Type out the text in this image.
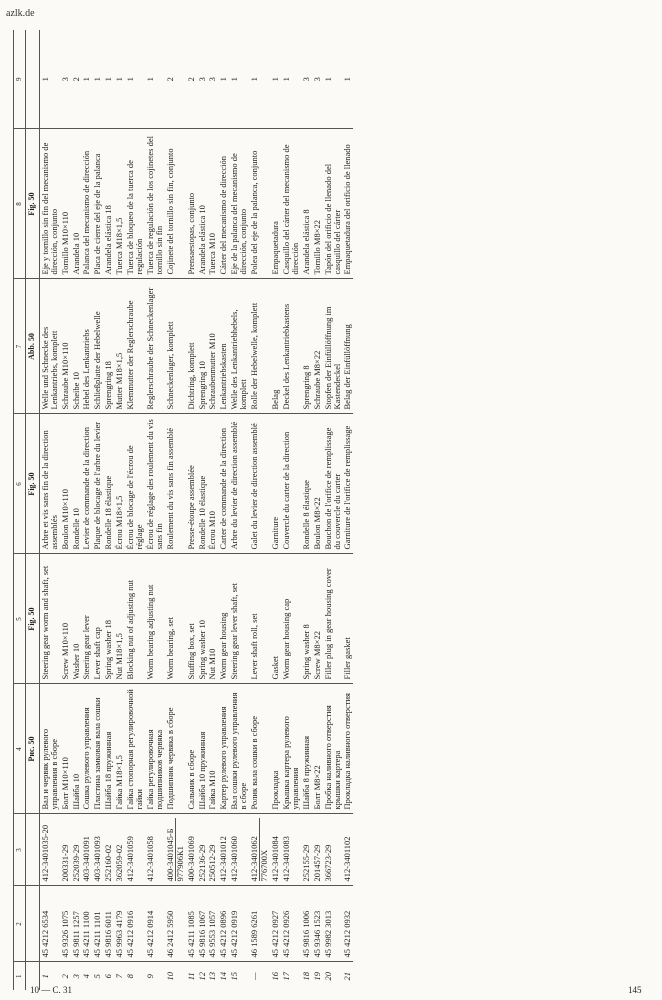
azlk.de
1	2	3	4	5	6	7	8	9
			Рис. 50	Fig. 50	Fig. 50	Abb. 50	Fig. 50	
1	45 4212 6534	412-3401035-20	Вал и червяк рулевого управления в сборе	Steering gear worm and shaft, set	Arbre et vis sans fin de la direction assemblés	Welle und Schnecke des Lenkantriebs, komplett	Eje y tornillo sin fin del mecanismo de dirección, conjunto	1
2	45 9326 1075	200331-29	Болт М10×110	Screw M10×110	Boulon M10×110	Schraube M10×110	Tornillo M10×110	3
3	45 9811 1257	252039-29	Шайба 10	Washer 10	Rondelle 10	Scheibe 10	Arandela 10	2
4	45 4211 1100	403-3401091	Сошка рулевого управления	Steering gear lever	Levier de commande de la direction	Hebel des Lenkantriebs	Palanca del mecanismo de dirección	1
5	45 4211 1101	403-3401093	Пластина замковая вала сошки	Lever shaft cap	Plaque de blocage de l'arbre du levier	Schließplatte der Hebelwelle	Placa de cierre del eje de la palanca	1
6	45 9816 6011	252160-02	Шайба 18 пружинная	Spring washer 18	Rondelle 18 élastique	Sprengring 18	Arandela elástica 18	1
7	45 9963 4179	362059-02	Гайка М18×1,5	Nut M18×1,5	Écrou M18×1,5	Mutter M18×1,5	Tuerca M18×1,5	1
8	45 4212 0916	412-3401059	Гайка стопорная регулировочной гайки	Blocking nut of adjusting nut	Écrou de blocage de l'écrou de réglage	Klemmutter der Reglerschraube	Tuerca de bloqueo de la tuerca de regulación	1
9	45 4212 0914	412-3401058	Гайка регулировочная подшипников червяка	Worm bearing adjusting nut	Écrou de réglage des roulement du vis sans fin	Reglerschraube der Schneckenlager	Tuerca de regulación de los cojinetes del tornillo sin fin	1
10	46 2412 5950	400-3401045-Б 977906К1	Подшипник червяка в сборе	Worm bearing, set	Roulement du vis sans fin assemblé	Schneckenlager, komplett	Cojinete del tornillo sin fin, conjunto	2
11	45 4211 1085	400-3401069	Сальник в сборе	Stuffing box, set	Presse-étoupe assemblée	Dichtring, komplett	Prensaestopas, conjunto	2
12	45 9816 1067	252136-29	Шайба 10 пружинная	Spring washer 10	Rondelle 10 élastique	Sprengring 10	Arandela elástica 10	3
13	45 9553 1057	250512-29	Гайка М10	Nut M10	Écrou M10	Schraubenmutter M10	Tuerca M10	3
14	45 4212 0896	412-3401012	Картер рулевого управления	Worm gear housing	Carter de commande de la direction	Lenkantriebskasten	Cárter del mecanismo de dirección	1
15	45 4212 0919	412-3401060	Вал сошки рулевого управления в сборе	Steering gear lever shaft, set	Arbre du levier de direction assemblé	Welle des Lenkantriebhebels, komplett	Eje de la palanca del mecanismo de dirección, conjunto	1
—	46 1589 6261	412-3401062 776700X	Ролик вала сошки в сборе	Lever shaft roll, set	Galet du levier de direction assemblé	Rolle der Hebelwelle, komplett	Polea del eje de la palanca, conjunto	1
16	45 4212 0927	412-3401084	Прокладка	Gasket	Garniture	Belag	Empaquetadura	1
17	45 4212 0926	412-3401083	Крышка картера рулевого управления	Worm gear housing cap	Couvercle du carter de la direction	Deckel des Lenkantriebkastens	Casquillo del cárter del mecanismo de dirección	1
18	45 9816 1006	252155-29	Шайба 8 пружинная	Spring washer 8	Rondelle 8 élastique	Sprengring 8	Arandela elástica 8	3
19	45 9346 1523	201457-29	Болт М8×22	Screw M8×22	Boulon M8×22	Schraube M8×22	Tornillo M8×22	3
20	45 9982 3013	366723-29	Пробка наливного отверстия крышки картера	Filler plug in gear housing cover	Bouchon de l'orifice de remplissage du couvercle du carter	Stopfen der Einfüllöffnung im Kastendeckel	Tapón del orificio de llenado del casquillo del cárter	1
21	45 4212 0932	412-3401102	Прокладка наливного отверстия	Filler gasket	Garniture de l'orifice de remplissage	Belag der Einfüllöffnung	Empaquetadura del orificio de llenado	1
10 — С. 31	145
